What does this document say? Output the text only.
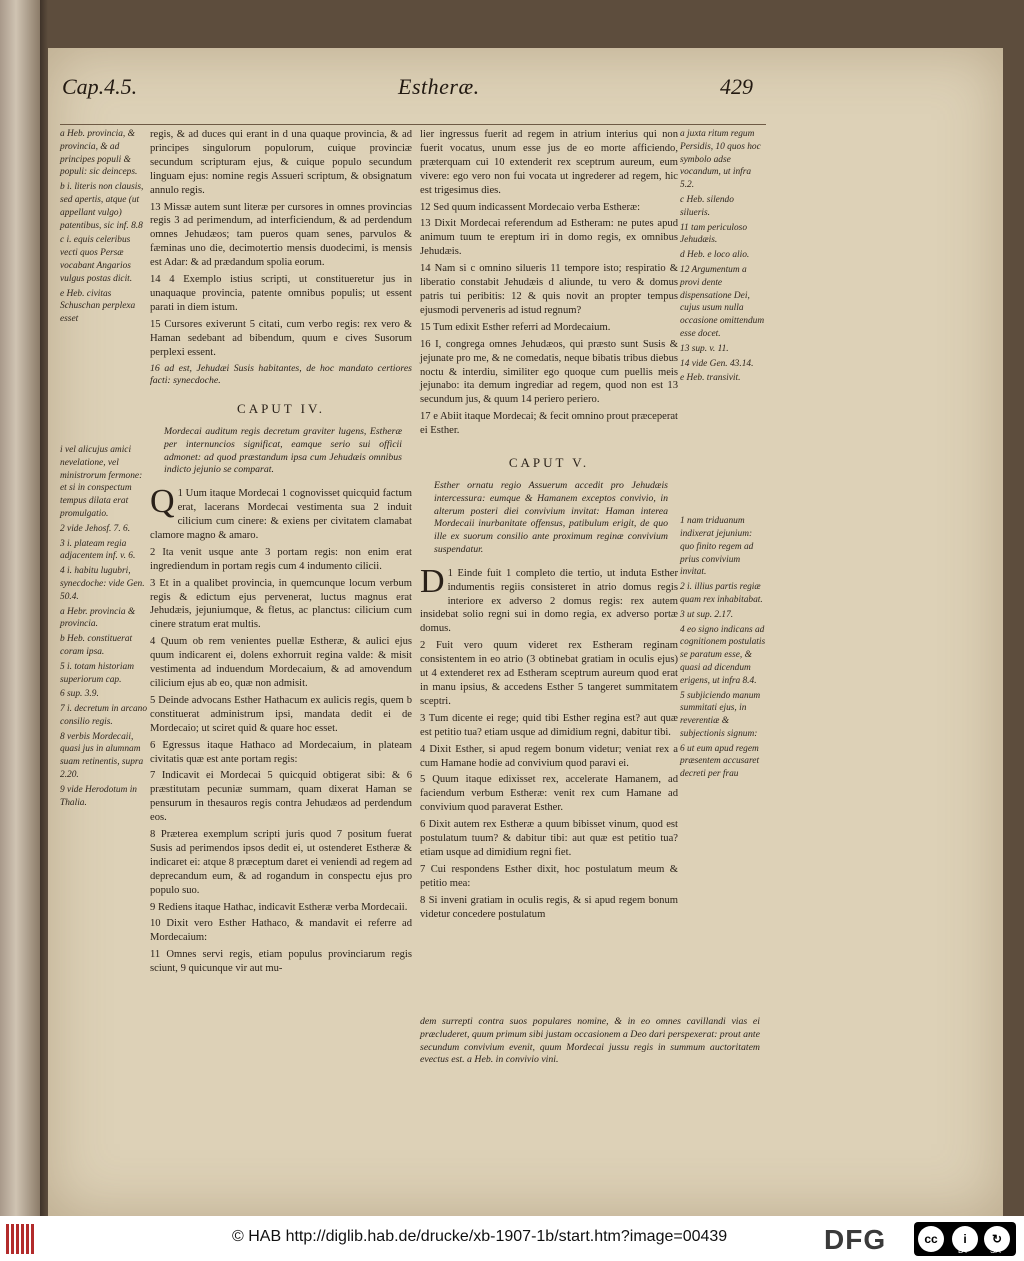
Cap.4.5.	Estheræ.	429

a Heb. provincia, & provincia, & ad principes populi & populi: sic deinceps.

b i. literis non clausis, sed apertis, atque (ut appellant vulgo) patentibus, sic inf. 8.8

c i. equis celeribus vecti quos Persæ vocabant Angarios vulgus postas dicit.

e Heb. civitas Schuschan perplexa esset

i vel alicujus amici nevelatione, vel ministrorum fermone: et si in conspectum tempus dilata erat promulgatio.

2 vide Jehosf. 7. 6.

3 i. plateam regia adjacentem inf. v. 6.

4 i. habitu lugubri, synecdoche: vide Gen. 50.4.

a Hebr. provincia & provincia.

b Heb. constituerat coram ipsa.

5 i. totam historiam superiorum cap.

6 sup. 3.9.

7 i. decretum in arcano consilio regis.

8 verbis Mordecaii, quasi jus in alumnam suam retinentis, supra 2.20.

9 vide Herodotum in Thalia.

regis, & ad duces qui erant in d una quaque provincia, & ad principes singulorum populorum, cuique provinciæ secundum scripturam ejus, & cuique populo secundum linguam ejus: nomine regis Assueri scriptum, & obsignatum annulo regis.

13 Missæ autem sunt literæ per cursores in omnes provincias regis 3 ad perimendum, ad interficiendum, & ad perdendum omnes Jehudæos; tam pueros quam senes, parvulos & fæminas uno die, decimotertio mensis duodecimi, is mensis est Adar: & ad prædandum spolia eorum.

14 4 Exemplo istius scripti, ut constitueretur jus in unaquaque provincia, patente omnibus populis; ut essent parati in diem istum.

15 Cursores exiverunt 5 citati, cum verbo regis: rex vero & Haman sedebant ad bibendum, quum e cives Susorum perplexi essent.

16 ad est, Jehudæi Susis habitantes, de hoc mandato certiores facti: synecdoche.

CAPUT IV.
Mordecai auditum regis decretum graviter lugens, Estheræ per internuncios significat, eamque serio sui officii admonet: ad quod præstandum ipsa cum Jehudæis omnibus indicto jejunio se comparat.
Q 1 Uum itaque Mordecai 1 cognovisset quicquid factum erat, lacerans Mordecai vestimenta sua 2 induit cilicium cum cinere: & exiens per civitatem clamabat clamore magno & amaro.

2 Ita venit usque ante 3 portam regis: non enim erat ingrediendum in portam regis cum 4 indumento cilicii.

3 Et in a qualibet provincia, in quemcunque locum verbum regis & edictum ejus pervenerat, luctus magnus erat Jehudæis, jejuniumque, & fletus, ac planctus: cilicium cum cinere stratum erat multis.

4 Quum ob rem venientes puellæ Estheræ, & aulici ejus quum indicarent ei, dolens exhorruit regina valde: & misit vestimenta ad induendum Mordecaium, & ad amovendum cilicium ejus ab eo, quæ non admisit.

5 Deinde advocans Esther Hathacum ex aulicis regis, quem b constituerat administrum ipsi, mandata dedit ei de Mordecaio; ut sciret quid & quare hoc esset.

6 Egressus itaque Hathaco ad Mordecaium, in plateam civitatis quæ est ante portam regis:

7 Indicavit ei Mordecai 5 quicquid obtigerat sibi: & 6 præstitutam pecuniæ summam, quam dixerat Haman se pensurum in thesauros regis contra Jehudæos ad perdendum eos.

8 Præterea exemplum scripti juris quod 7 positum fuerat Susis ad perimendos ipsos dedit ei, ut ostenderet Estheræ & indicaret ei: atque 8 præceptum daret ei veniendi ad regem ad deprecandum eum, & ad rogandum in conspectu ejus pro populo suo.

9 Rediens itaque Hathac, indicavit Estheræ verba Mordecaii.

10 Dixit vero Esther Hathaco, & mandavit ei referre ad Mordecaium:

11 Omnes servi regis, etiam populus provinciarum regis sciunt, 9 quicunque vir aut mu-

lier ingressus fuerit ad regem in atrium interius qui non fuerit vocatus, unum esse jus de eo morte afficiendo, præterquam cui 10 extenderit rex sceptrum aureum, eum vivere: ego vero non fui vocata ut ingrederer ad regem, hic est trigesimus dies.

12 Sed quum indicassent Mordecaio verba Estheræ:

13 Dixit Mordecai referendum ad Estheram: ne putes apud animum tuum te ereptum iri in domo regis, ex omnibus Jehudæis.

14 Nam si c omnino silueris 11 tempore isto; respiratio & liberatio constabit Jehudæis d aliunde, tu vero & domus patris tui peribitis: 12 & quis novit an propter tempus ejusmodi perveneris ad istud regnum?

15 Tum edixit Esther referri ad Mordecaium.

16 I, congrega omnes Jehudæos, qui præsto sunt Susis & jejunate pro me, & ne comedatis, neque bibatis tribus diebus noctu & interdiu, similiter ego quoque cum puellis meis jejunabo: ita demum ingrediar ad regem, quod non est 13 secundum jus, & quum 14 periero periero.

17 e Abiit itaque Mordecai; & fecit omnino prout præceperat ei Esther.

CAPUT V.
Esther ornatu regio Assuerum accedit pro Jehudæis intercessura: eumque & Hamanem exceptos convivio, in alterum posteri diei convivium invitat: Haman interea Mordecaii inurbanitate offensus, patibulum erigit, de quo ille ex suorum consilio ante proximum reginæ convivium suspendatur.
D 1 Einde fuit 1 completo die tertio, ut induta Esther indumentis regiis consisteret in atrio domus regis interiore ex adverso 2 domus regis: rex autem insidebat solio regni sui in domo regia, ex adverso portæ domus.

2 Fuit vero quum videret rex Estheram reginam consistentem in eo atrio (3 obtinebat gratiam in oculis ejus) ut 4 extenderet rex ad Estheram sceptrum aureum quod erat in manu ipsius, & accedens Esther 5 tangeret summitatem sceptri.

3 Tum dicente ei rege; quid tibi Esther regina est? aut quæ est petitio tua? etiam usque ad dimidium regni, dabitur tibi.

4 Dixit Esther, si apud regem bonum videtur; veniat rex a cum Hamane hodie ad convivium quod paravi ei.

5 Quum itaque edixisset rex, accelerate Hamanem, ad faciendum verbum Estheræ: venit rex cum Hamane ad convivium quod paraverat Esther.

6 Dixit autem rex Estheræ a quum bibisset vinum, quod est postulatum tuum? & dabitur tibi: aut quæ est petitio tua? etiam usque ad dimidium regni fiet.

7 Cui respondens Esther dixit, hoc postulatum meum & petitio mea:

8 Si inveni gratiam in oculis regis, & si apud regem bonum videtur concedere postulatum

dem surrepti contra suos populares nomine, & in eo omnes cavillandi vias ei præcluderet, quum primum sibi justam occasionem a Deo dari perspexerat: prout ante secundum convivium evenit, quum Mordecai jussu regis in summum auctoritatem evectus est. a Heb. in convivio vini.

a juxta ritum regum Persidis, 10 quos hoc symbolo adse vocandum, ut infra 5.2.

c Heb. silendo silueris.

11 tam periculoso Jehudæis.

d Heb. e loco alio.

12 Argumentum a provi dente dispensatione Dei, cujus usum nulla occasione omittendum esse docet.

13 sup. v. 11.

14 vide Gen. 43.14.

e Heb. transivit.

1 nam triduanum indixerat jejunium: quo finito regem ad prius convivium invitat.

2 i. illius partis regiæ quam rex inhabitabat.

3 ut sup. 2.17.

4 eo signo indicans ad cognitionem postulatis se paratum esse, & quasi ad dicendum erigens, ut infra 8.4.

5 subjiciendo manum summitati ejus, in reverentiæ & subjectionis signum:

6 ut eum apud regem præsentem accusaret decreti per frau

© HAB http://diglib.hab.de/drucke/xb-1907-1b/start.htm?image=00439	DFG	cc	i	↻
BY	SA
